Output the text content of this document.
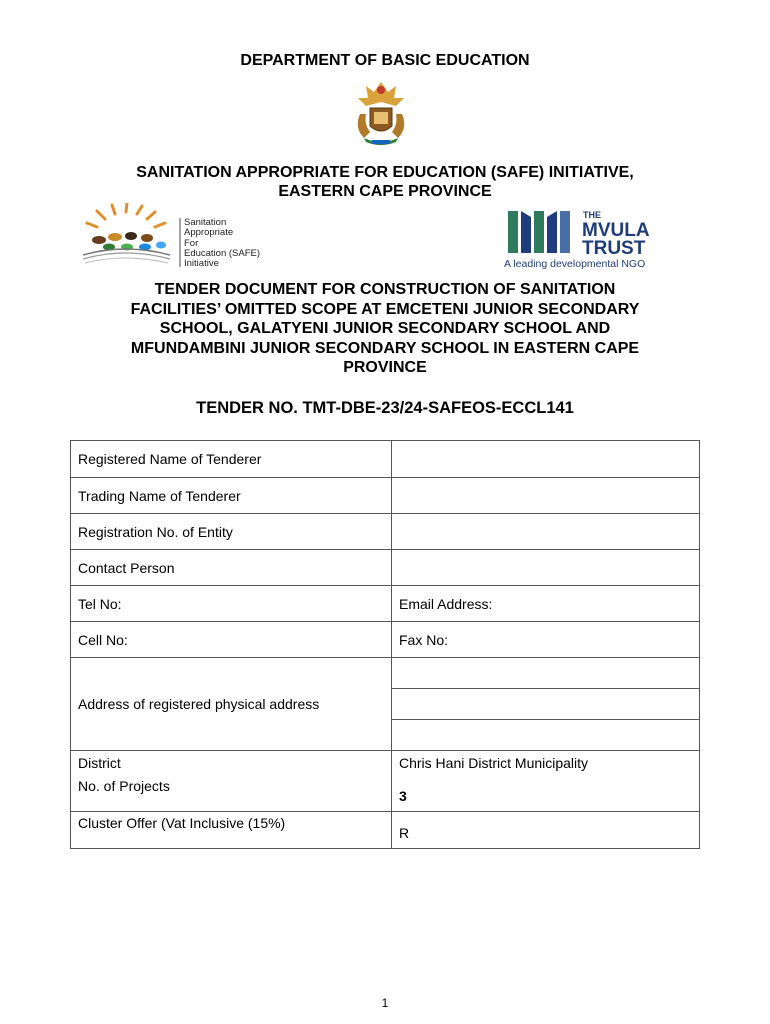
DEPARTMENT OF BASIC EDUCATION
SANITATION APPROPRIATE FOR EDUCATION (SAFE) INITIATIVE,
EASTERN CAPE PROVINCE
Sanitation
Appropriate
For
Education (SAFE)
Initiative
THE
MVULA
TRUST
A leading developmental NGO
TENDER DOCUMENT FOR CONSTRUCTION OF SANITATION
FACILITIES’ OMITTED SCOPE AT EMCETENI JUNIOR SECONDARY
SCHOOL, GALATYENI JUNIOR SECONDARY SCHOOL AND
MFUNDAMBINI JUNIOR SECONDARY SCHOOL IN EASTERN CAPE
PROVINCE
TENDER NO. TMT-DBE-23/24-SAFEOS-ECCL141
Registered Name of Tenderer	
Trading Name of Tenderer	
Registration No. of Entity	
Contact Person	
Tel No:	Email Address:
Cell No:	Fax No:
Address of registered physical address	

District	Chris Hani District Municipality
No. of Projects	3
Cluster Offer (Vat Inclusive (15%)	R
1
